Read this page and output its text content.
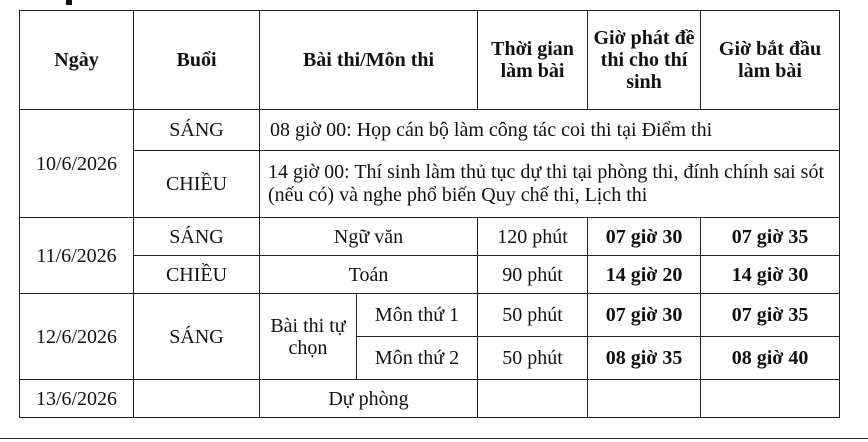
Ngày	Buổi	Bài thi/Môn thi		Thời gian làm bài	Giờ phát đề thi cho thí sinh	Giờ bắt đầu làm bài
10/6/2026	SÁNG	08 giờ 00: Họp cán bộ làm công tác coi thi tại Điểm thi				
	CHIỀU	14 giờ 00: Thí sinh làm thủ tục dự thi tại phòng thi, đính chính sai sót (nếu có) và nghe phổ biến Quy chế thi, Lịch thi				
11/6/2026	SÁNG	Ngữ văn		120 phút	07 giờ 30	07 giờ 35
	CHIỀU	Toán		90 phút	14 giờ 20	14 giờ 30
12/6/2026	SÁNG	Bài thi tự chọn	Môn thứ 1	50 phút	07 giờ 30	07 giờ 35
			Môn thứ 2	50 phút	08 giờ 35	08 giờ 40
13/6/2026		Dự phòng				
